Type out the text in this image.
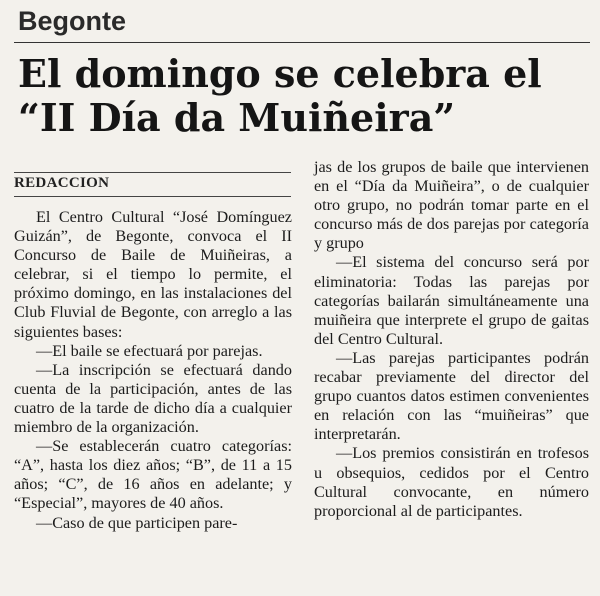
Begonte
El domingo se celebra el “II Día da Muiñeira”
REDACCION

El Centro Cultural “José Domínguez Guizán”, de Begonte, convoca el II Concurso de Baile de Muiñeiras, a celebrar, si el tiempo lo permite, el próximo domingo, en las instalaciones del Club Fluvial de Begonte, con arreglo a las siguientes bases:

—El baile se efectuará por parejas.

—La inscripción se efectuará dando cuenta de la participación, antes de las cuatro de la tarde de dicho día a cualquier miembro de la organización.

—Se establecerán cuatro categorías: “A”, hasta los diez años; “B”, de 11 a 15 años; “C”, de 16 años en adelante; y “Especial”, mayores de 40 años.

—Caso de que participen pare-

jas de los grupos de baile que intervienen en el “Día da Muiñeira”, o de cualquier otro grupo, no podrán tomar parte en el concurso más de dos parejas por categoría y grupo

—El sistema del concurso será por eliminatoria: Todas las parejas por categorías bailarán simultáneamente una muiñeira que interprete el grupo de gaitas del Centro Cultural.

—Las parejas participantes podrán recabar previamente del director del grupo cuantos datos estimen convenientes en relación con las “muiñeiras” que interpretarán.

—Los premios consistirán en trofesos u obsequios, cedidos por el Centro Cultural convocante, en número proporcional al de participantes.
